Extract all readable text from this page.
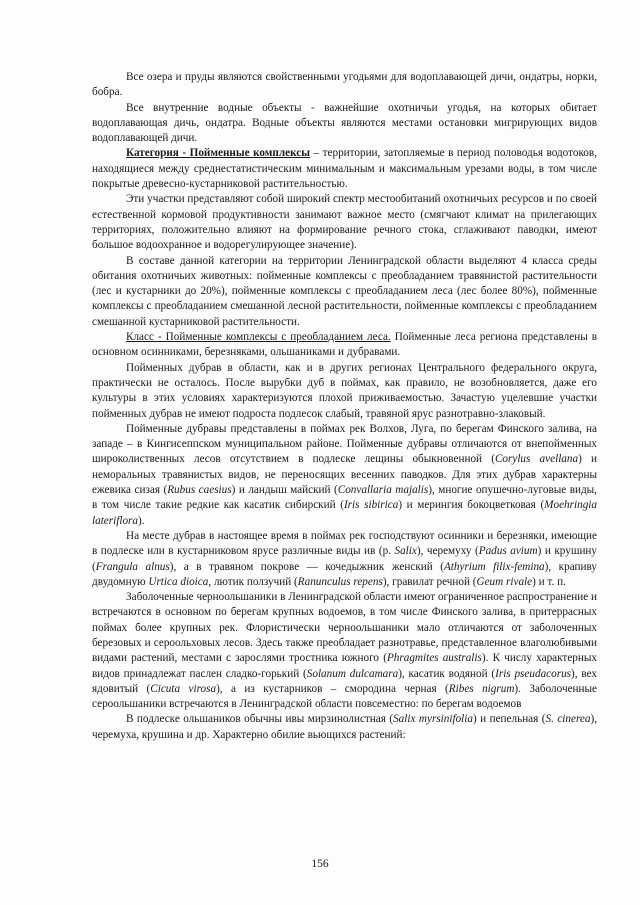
Все озера и пруды являются свойственными угодьями для водоплавающей дичи, ондатры, норки, бобра.

Все внутренние водные объекты - важнейшие охотничьи угодья, на которых обитает водоплавающая дичь, ондатра. Водные объекты являются местами остановки мигрирующих видов водоплавающей дичи.

Категория - Пойменные комплексы – территории, затопляемые в период половодья водотоков, находящиеся между среднестатистическим минимальным и максимальным урезами воды, в том числе покрытые древесно-кустарниковой растительностью.

Эти участки представляют собой широкий спектр местообитаний охотничьих ресурсов и по своей естественной кормовой продуктивности занимают важное место (смягчают климат на прилегающих территориях, положительно влияют на формирование речного стока, сглаживают паводки, имеют большое водоохранное и водорегулирующее значение).

В составе данной категории на территории Ленинградской области выделяют 4 класса среды обитания охотничьих животных: пойменные комплексы с преобладанием травянистой растительности (лес и кустарники до 20%), пойменные комплексы с преобладанием леса (лес более 80%), пойменные комплексы с преобладанием смешанной лесной растительности, пойменные комплексы с преобладанием смешанной кустарниковой растительности.

Класс - Пойменные комплексы с преобладанием леса. Пойменные леса региона представлены в основном осинниками, березняками, ольшаниками и дубравами.

Пойменных дубрав в области, как и в других регионах Центрального федерального округа, практически не осталось. После вырубки дуб в поймах, как правило, не возобновляется, даже его культуры в этих условиях характеризуются плохой приживаемостью. Зачастую уцелевшие участки пойменных дубрав не имеют подроста подлесок слабый, травяной ярус разнотравно-злаковый.

Пойменные дубравы представлены в поймах рек Волхов, Луга, по берегам Финского залива, на западе – в Кингисеппском муниципальном районе. Пойменные дубравы отличаются от внепойменных широколиственных лесов отсутствием в подлеске лещины обыкновенной (Corylus avellana) и неморальных травянистых видов, не переносящих весенних паводков. Для этих дубрав характерны ежевика сизая (Rubus caesius) и ландыш майский (Convallaria majalis), многие опушечно-луговые виды, в том числе такие редкие как касатик сибирский (Iris sibirica) и мерингия бокоцветковая (Moehringia lateriflora).

На месте дубрав в настоящее время в поймах рек господствуют осинники и березняки, имеющие в подлеске или в кустарниковом ярусе различные виды ив (р. Salix), черемуху (Padus avium) и крушину (Frangula alnus), а в травяном покрове — кочедыжник женский (Athyrium filix-femina), крапиву двудомную Urtica dioica, лютик ползучий (Ranunculus repens), гравилат речной (Geum rivale) и т. п.

Заболоченные черноольшаники в Ленинградской области имеют ограниченное распространение и встречаются в основном по берегам крупных водоемов, в том числе Финского залива, в притеррасных поймах более крупных рек. Флористически черноольшаники мало отличаются от заболоченных березовых и сероольховых лесов. Здесь также преобладает разнотравье, представленное влаголюбивыми видами растений, местами с зарослями тростника южного (Phragmites australis). К числу характерных видов принадлежат паслен сладко-горький (Solanum dulcamara), касатик водяной (Iris pseudacorus), вех ядовитый (Cicuta virosa), а из кустарников – смородина черная (Ribes nigrum). Заболоченные сероольшаники встречаются в Ленинградской области повсеместно: по берегам водоемов

В подлеске ольшаников обычны ивы мирзинолистная (Salix myrsinifolia) и пепельная (S. cinerea), черемуха, крушина и др. Характерно обилие вьющихся растений:

156
